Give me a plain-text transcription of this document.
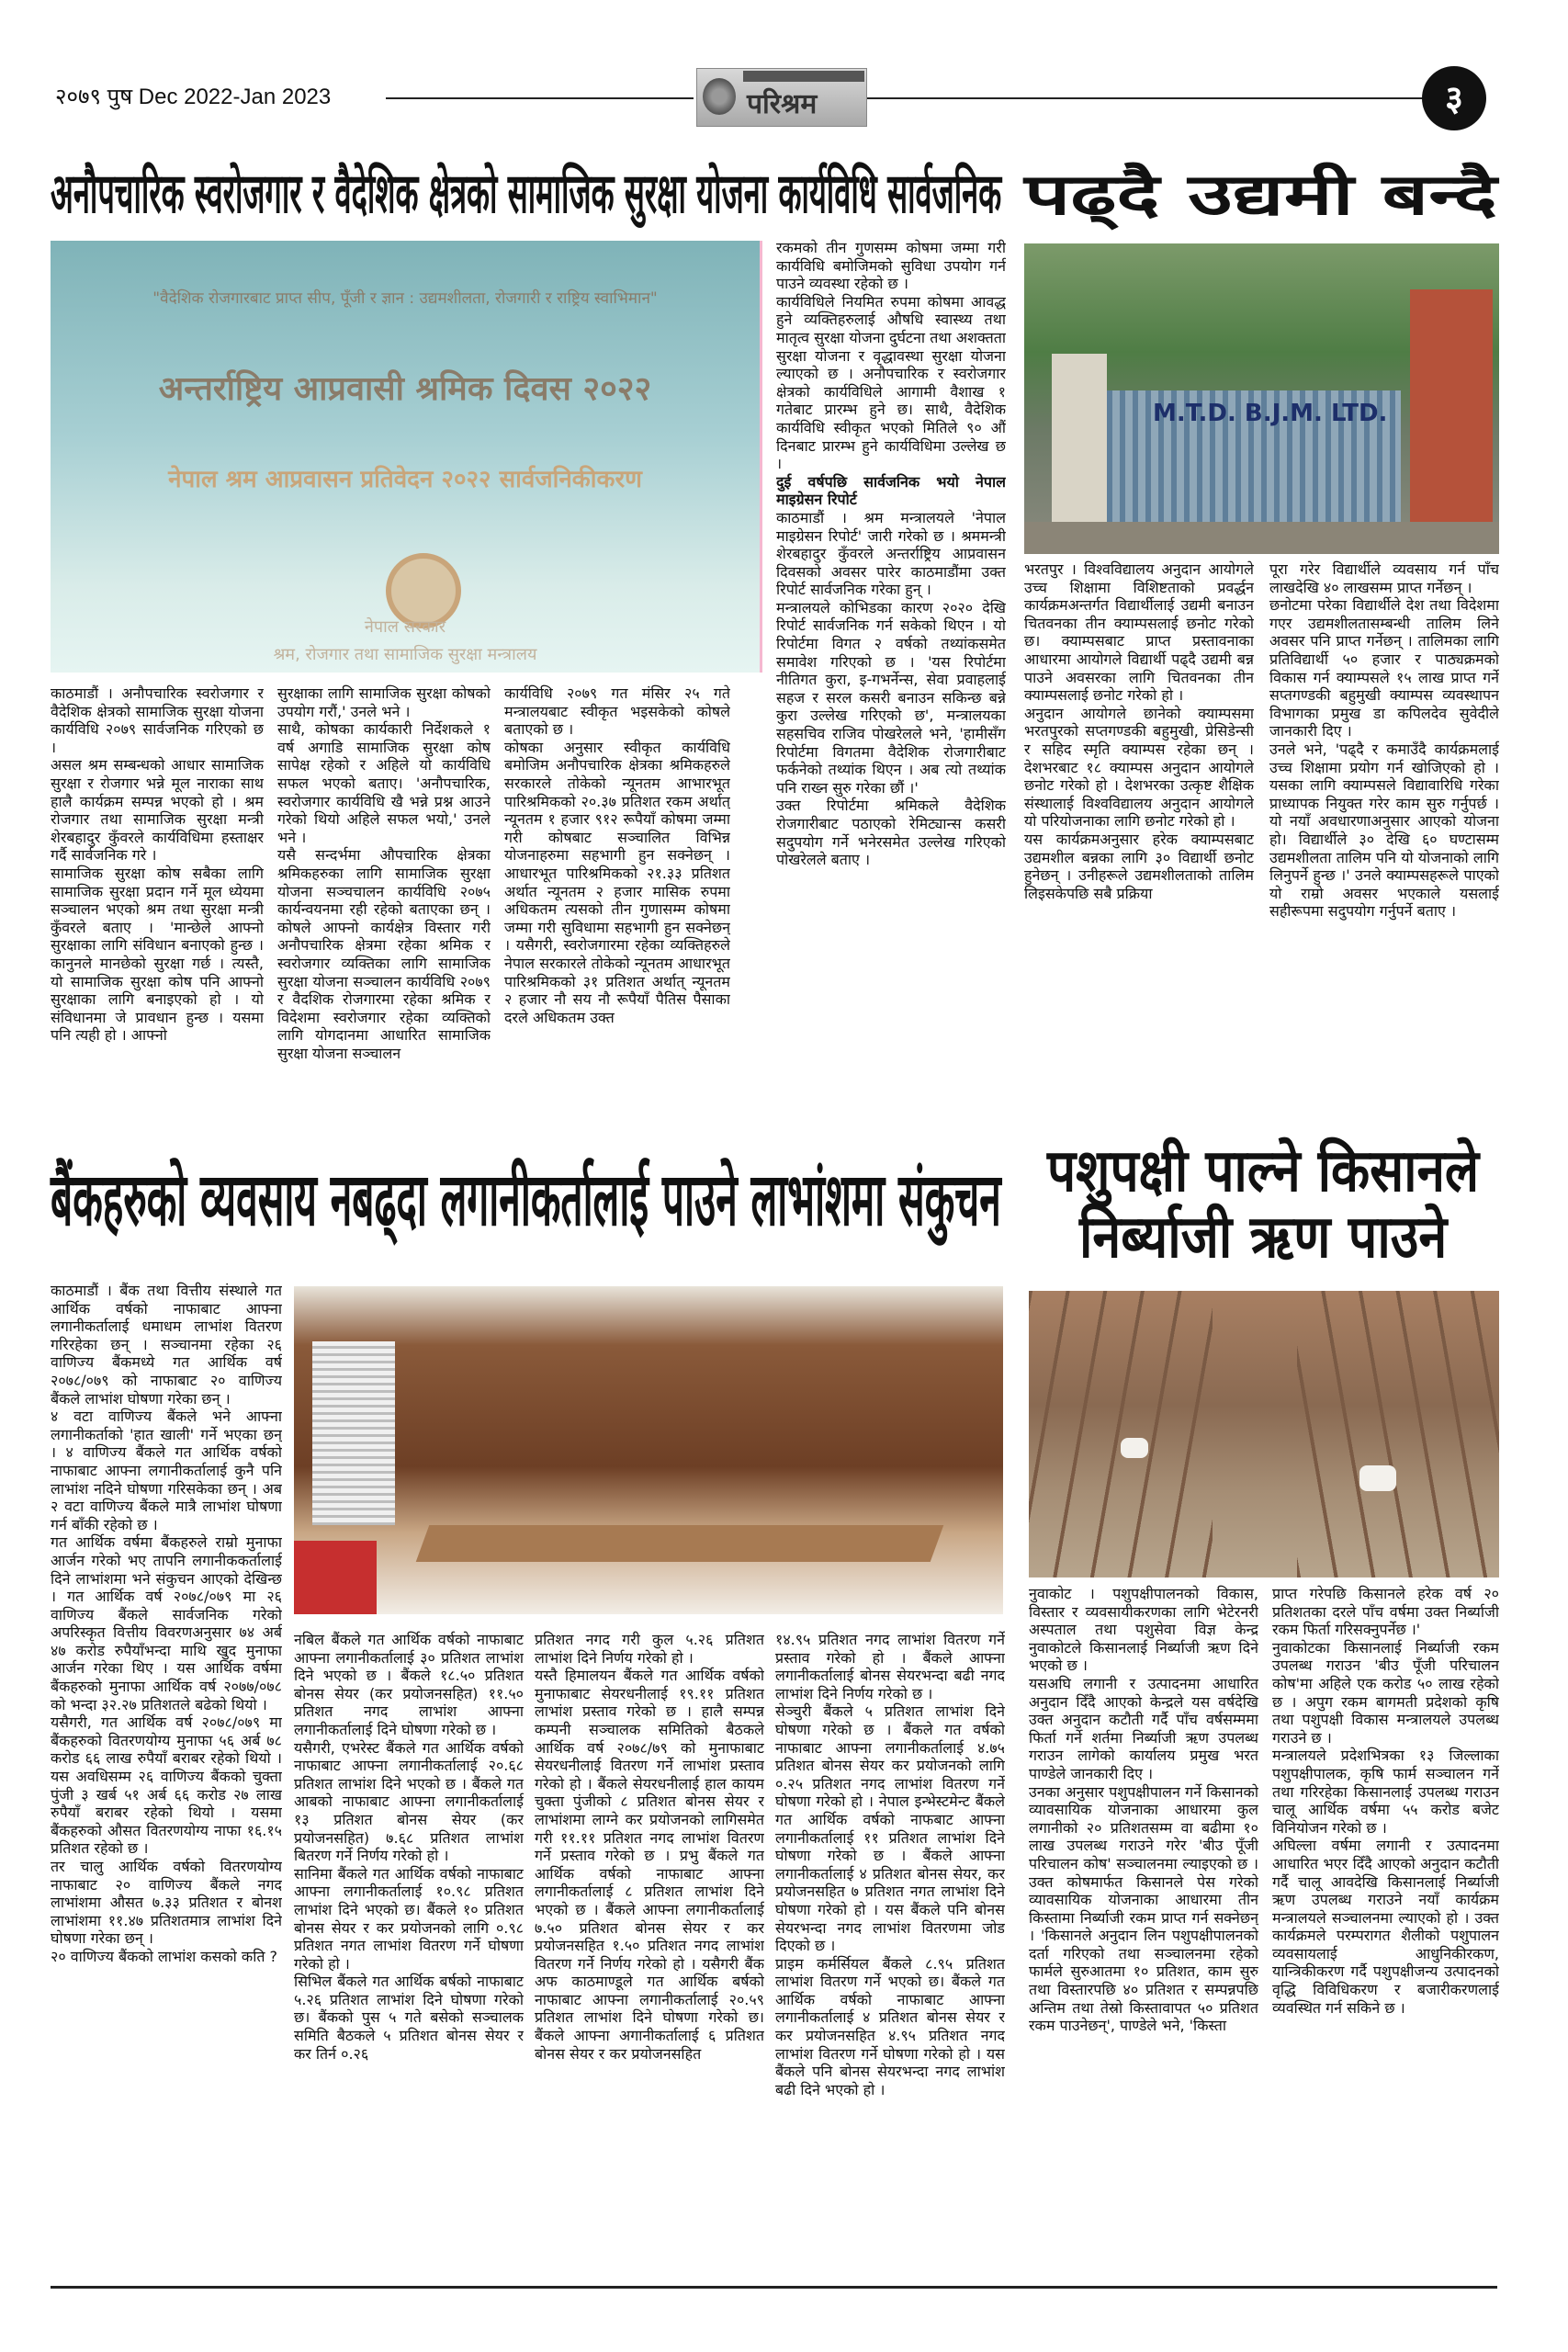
२०७९ पुष Dec 2022-Jan 2023	परिश्रम	३
अनौपचारिक स्वरोजगार र वैदेशिक क्षेत्रको सामाजिक सुरक्षा योजना कार्यविधि सार्वजनिक
"वैदेशिक रोजगारबाट प्राप्त सीप, पूँजी र ज्ञान : उद्यमशीलता, रोजगारी र राष्ट्रिय स्वाभिमान"
अन्तर्राष्ट्रिय आप्रवासी श्रमिक दिवस २०२२
नेपाल श्रम आप्रवासन प्रतिवेदन २०२२ सार्वजनिकीकरण
नेपाल सरकार
श्रम, रोजगार तथा सामाजिक सुरक्षा मन्त्रालय

काठमाडौं । अनौपचारिक स्वरोजगार र वैदेशिक क्षेत्रको सामाजिक सुरक्षा योजना कार्यविधि २०७९ सार्वजनिक गरिएको छ ।

असल श्रम सम्बन्धको आधार सामाजिक सुरक्षा र रोजगार भन्ने मूल नाराका साथ हालै कार्यक्रम सम्पन्न भएको हो । श्रम रोजगार तथा सामाजिक सुरक्षा मन्त्री शेरबहादुर कुँवरले कार्यविधिमा हस्ताक्षर गर्दै सार्वजनिक गरे ।

सामाजिक सुरक्षा कोष सबैका लागि सामाजिक सुरक्षा प्रदान गर्ने मूल ध्येयमा सञ्चालन भएको श्रम तथा सुरक्षा मन्त्री कुँवरले बताए । 'मान्छेले आफ्नो सुरक्षाका लागि संविधान बनाएको हुन्छ । कानुनले मानछेको सुरक्षा गर्छ । त्यस्तै, यो सामाजिक सुरक्षा कोष पनि आफ्नो सुरक्षाका लागि बनाइएको हो । यो संविधानमा जे प्रावधान हुन्छ । यसमा पनि त्यही हो । आफ्नो

सुरक्षाका लागि सामाजिक सुरक्षा कोषको उपयोग गरौं,' उनले भने ।

साथै, कोषका कार्यकारी निर्देशकले १ वर्ष अगाडि सामाजिक सुरक्षा कोष सापेक्ष रहेको र अहिले यो कार्यविधि सफल भएको बताए। 'अनौपचारिक, स्वरोजगार कार्यविधि खै भन्ने प्रश्न आउने गरेको थियो अहिले सफल भयो,' उनले भने ।

यसै सन्दर्भमा औपचारिक क्षेत्रका श्रमिकहरुका लागि सामाजिक सुरक्षा योजना सञ्चचालन कार्यविधि २०७५ कार्यन्वयनमा रही रहेको बताएका छन् । कोषले आफ्नो कार्यक्षेत्र विस्तार गरी अनौपचारिक क्षेत्रमा रहेका श्रमिक र स्वरोजगार व्यक्तिका लागि सामाजिक सुरक्षा योजना सञ्चालन कार्यविधि २०७९ र वैदशिक रोजगारमा रहेका श्रमिक र विदेशमा स्वरोजगार रहेका व्यक्तिको लागि योगदानमा आधारित सामाजिक सुरक्षा योजना सञ्चालन

कार्यविधि २०७९ गत मंसिर २५ गते मन्त्रालयबाट स्वीकृत भइसकेको कोषले बताएको छ ।

कोषका अनुसार स्वीकृत कार्यविधि बमोजिम अनौपचारिक क्षेत्रका श्रमिकहरुले सरकारले तोकेको न्यूनतम आभारभूत पारिश्रमिकको २०.३७ प्रतिशत रकम अर्थात् न्यूनतम १ हजार ९१२ रूपैयाँ कोषमा जम्मा गरी कोषबाट सञ्चालित विभिन्न योजनाहरुमा सहभागी हुन सक्नेछन् । आधारभूत पारिश्रमिकको २१.३३ प्रतिशत अर्थात न्यूनतम २ हजार मासिक रुपमा अधिकतम त्यसको तीन गुणासम्म कोषमा जम्मा गरी सुविधामा सहभागी हुन सक्नेछन् । यसैगरी, स्वरोजगारमा रहेका व्यक्तिहरुले नेपाल सरकारले तोकेको न्यूनतम आधारभूत पारिश्रमिकको ३१ प्रतिशत अर्थात् न्यूनतम २ हजार नौ सय नौ रूपैयाँ पैतिस पैसाका दरले अधिकतम उक्त

रकमको तीन गुणसम्म कोषमा जम्मा गरी कार्यविधि बमोजिमको सुविधा उपयोग गर्न पाउने व्यवस्था रहेको छ ।

कार्यविधिले नियमित रुपमा कोषमा आवद्ध हुने व्यक्तिहरुलाई औषधि स्वास्थ्य तथा मातृत्व सुरक्षा योजना दुर्घटना तथा अशक्तता सुरक्षा योजना र वृद्धावस्था सुरक्षा योजना ल्याएको छ । अनौपचारिक र स्वरोजगार क्षेत्रको कार्यविधिले आगामी वैशाख १ गतेबाट प्रारम्भ हुने छ। साथै, वैदेशिक कार्यविधि स्वीकृत भएको मितिले ९० औं दिनबाट प्रारम्भ हुने कार्यविधिमा उल्लेख छ ।

दुई वर्षपछि सार्वजनिक भयो नेपाल माइग्रेसन रिपोर्ट

काठमाडौं । श्रम मन्त्रालयले 'नेपाल माइग्रेसन रिपोर्ट' जारी गरेको छ । श्रममन्त्री शेरबहादुर कुँवरले अन्तर्राष्ट्रिय आप्रवासन दिवसको अवसर पारेर काठमाडौंमा उक्त रिपोर्ट सार्वजनिक गरेका हुन् ।

मन्त्रालयले कोभिडका कारण २०२० देखि रिपोर्ट सार्वजनिक गर्न सकेको थिएन । यो रिपोर्टमा विगत २ वर्षको तथ्यांकसमेत समावेश गरिएको छ । 'यस रिपोर्टमा नीतिगत कुरा, इ-गभर्नेन्स, सेवा प्रवाहलाई सहज र सरल कसरी बनाउन सकिन्छ बन्ने कुरा उल्लेख गरिएको छ', मन्त्रालयका सहसचिव राजिव पोखरेलले भने, 'हामीसँग रिपोर्टमा विगतमा वैदेशिक रोजगारीबाट फर्कनेको तथ्यांक थिएन । अब त्यो तथ्यांक पनि राख्न सुरु गरेका छौं ।'

उक्त रिपोर्टमा श्रमिकले वैदेशिक रोजगारीबाट पठाएको रेमिट्यान्स कसरी सदुपयोग गर्ने भनेरसमेत उल्लेख गरिएको पोखरेलले बताए ।

पढ्दै उद्यमी बन्दै
M.T.D. B.J.M. LTD.

भरतपुर । विश्वविद्यालय अनुदान आयोगले उच्च शिक्षामा विशिष्टताको प्रवर्द्धन कार्यक्रमअन्तर्गत विद्यार्थीलाई उद्यमी बनाउन चितवनका तीन क्याम्पसलाई छनोट गरेको छ। क्याम्पसबाट प्राप्त प्रस्तावनाका आधारमा आयोगले विद्यार्थी पढ्दै उद्यमी बन्न पाउने अवसरका लागि चितवनका तीन क्याम्पसलाई छनोट गरेको हो ।

अनुदान आयोगले छानेको क्याम्पसमा भरतपुरको सप्तगण्डकी बहुमुखी, प्रेसिडेन्सी र सहिद स्मृति क्याम्पस रहेका छन् । देशभरबाट १८ क्याम्पस अनुदान आयोगले छनोट गरेको हो । देशभरका उत्कृष्ट शैक्षिक संस्थालाई विश्वविद्यालय अनुदान आयोगले यो परियोजनाका लागि छनोट गरेको हो ।

यस कार्यक्रमअनुसार हरेक क्याम्पसबाट उद्यमशील बन्नका लागि ३० विद्यार्थी छनोट हुनेछन् । उनीहरूले उद्यमशीलताको तालिम लिइसकेपछि सबै प्रक्रिया

पूरा गरेर विद्यार्थीले व्यवसाय गर्न पाँच लाखदेखि ४० लाखसम्म प्राप्त गर्नेछन् ।

छनोटमा परेका विद्यार्थीले देश तथा विदेशमा गएर उद्यमशीलतासम्बन्धी तालिम लिने अवसर पनि प्राप्त गर्नेछन् । तालिमका लागि प्रतिविद्यार्थी ५० हजार र पाठ्यक्रमको विकास गर्न क्याम्पसले १५ लाख प्राप्त गर्ने सप्तगण्डकी बहुमुखी क्याम्पस व्यवस्थापन विभागका प्रमुख डा कपिलदेव सुवेदीले जानकारी दिए ।

उनले भने, 'पढ्दै र कमाउँदै कार्यक्रमलाई उच्च शिक्षामा प्रयोग गर्न खोजिएको हो । यसका लागि क्याम्पसले विद्यावारिधि गरेका प्राध्यापक नियुक्त गरेर काम सुरु गर्नुपर्छ । यो नयाँ अवधारणाअनुसार आएको योजना हो। विद्यार्थीले ३० देखि ६० घण्टासम्म उद्यमशीलता तालिम पनि यो योजनाको लागि लिनुपर्ने हुन्छ ।' उनले क्याम्पसहरूले पाएको यो राम्रो अवसर भएकाले यसलाई सहीरूपमा सदुपयोग गर्नुपर्ने बताए ।

बैंकहरुको व्यवसाय नबढ्दा लगानीकर्तालाई पाउने लाभांशमा संकुचन

काठमाडौं । बैंक तथा वित्तीय संस्थाले गत आर्थिक वर्षको नाफाबाट आफ्ना लगानीकर्तालाई धमाधम लाभांश वितरण गरिरहेका छन् । सञ्चानमा रहेका २६ वाणिज्य बैंकमध्ये गत आर्थिक वर्ष २०७८/०७९ को नाफाबाट २० वाणिज्य बैंकले लाभांश घोषणा गरेका छन् ।

४ वटा वाणिज्य बैंकले भने आफ्ना लगानीकर्ताको 'हात खाली' गर्ने भएका छन् । ४ वाणिज्य बैंकले गत आर्थिक वर्षको नाफाबाट आफ्ना लगानीकर्तालाई कुनै पनि लाभांश नदिने घोषणा गरिसकेका छन् । अब २ वटा वाणिज्य बैंकले मात्रै लाभांश घोषणा गर्न बाँकी रहेको छ ।

गत आर्थिक वर्षमा बैंकहरुले राम्रो मुनाफा आर्जन गरेको भए तापनि लगानीककर्तालाई दिने लाभांशमा भने संकुचन आएको देखिन्छ । गत आर्थिक वर्ष २०७८/०७९ मा २६ वाणिज्य बैंकले सार्वजनिक गरेको अपरिस्कृत वित्तीय विवरणअनुसार ७४ अर्ब ४७ करोड रुपैयाँभन्दा माथि खुद मुनाफा आर्जन गरेका थिए । यस आर्थिक वर्षमा बैंकहरुको मुनाफा आर्थिक वर्ष २०७७/०७८ को भन्दा ३२.२७ प्रतिशतले बढेको थियो ।

यसैगरी, गत आर्थिक वर्ष २०७८/०७९ मा बैंकहरुको वितरणयोग्य मुनाफा ५६ अर्ब ७८ करोड ६६ लाख रुपैयाँ बराबर रहेको थियो । यस अवधिसम्म २६ वाणिज्य बैंकको चुक्ता पुंजी ३ खर्ब ५१ अर्ब ६६ करोड २७ लाख रुपैयाँ बराबर रहेको थियो । यसमा बैंकहरुको औसत वितरणयोग्य नाफा १६.१५ प्रतिशत रहेको छ ।

तर चालु आर्थिक वर्षको वितरणयोग्य नाफाबाट २० वाणिज्य बैंकले नगद लाभांशमा औसत ७.३३ प्रतिशत र बोनश लाभांशमा ११.४७ प्रतिशतमात्र लाभांश दिने घोषणा गरेका छन् ।

२० वाणिज्य बैंकको लाभांश कसको कति ?

नबिल बैंकले गत आर्थिक वर्षको नाफाबाट आफ्ना लगानीकर्तालाई ३० प्रतिशत लाभांश दिने भएको छ । बैंकले १८.५० प्रतिशत बोनस सेयर (कर प्रयोजनसहित) ११.५० प्रतिशत नगद लाभांश आफ्ना लगानीकर्तालाई दिने घोषणा गरेको छ ।

यसैगरी, एभरेस्ट बैंकले गत आर्थिक वर्षको नाफाबाट आफ्ना लगानीकर्तालाई २०.६८ प्रतिशत लाभांश दिने भएको छ । बैंकले गत आबको नाफाबाट आफ्ना लगानीकर्तालाई १३ प्रतिशत बोनस सेयर (कर प्रयोजनसहित) ७.६८ प्रतिशत लाभांश बितरण गर्ने निर्णय गरेको हो ।

सानिमा बैंकले गत आर्थिक वर्षको नाफाबाट आफ्ना लगानीकर्तालाई १०.९८ प्रतिशत लाभांश दिने भएको छ। बैंकले १० प्रतिशत बोनस सेयर र कर प्रयोजनको लागि ०.९८ प्रतिशत नगत लाभांश वितरण गर्ने घोषणा गरेको हो ।

सिभिल बैंकले गत आर्थिक बर्षको नाफाबाट ५.२६ प्रतिशत लाभांश दिने घोषणा गरेको छ। बैंकको पुस ५ गते बसेको सञ्चालक समिति बैठकले ५ प्रतिशत बोनस सेयर र कर तिर्न ०.२६

प्रतिशत नगद गरी कुल ५.२६ प्रतिशत लाभांश दिने निर्णय गरेको हो ।

यस्तै हिमालयन बैंकले गत आर्थिक वर्षको मुनाफाबाट सेयरधनीलाई १९.११ प्रतिशत लाभांश प्रस्ताव गरेको छ । हालै सम्पन्न कम्पनी सञ्चालक समितिको बैठकले आर्थिक वर्ष २०७८/७९ को मुनाफाबाट सेयरधनीलाई वितरण गर्ने लाभांश प्रस्ताव गरेको हो । बैंकले सेयरधनीलाई हाल कायम चुक्ता पुंजीको ८ प्रतिशत बोनस सेयर र लाभांशमा लाग्ने कर प्रयोजनको लागिसमेत गरी ११.११ प्रतिशत नगद लाभांश वितरण गर्ने प्रस्ताव गरेको छ । प्रभु बैंकले गत आर्थिक वर्षको नाफाबाट आफ्ना लगानीकर्तालाई ८ प्रतिशत लाभांश दिने भएको छ । बैंकले आफ्ना लगानीकर्तालाई ७.५० प्रतिशत बोनस सेयर र कर प्रयोजनसहित १.५० प्रतिशत नगद लाभांश वितरण गर्ने निर्णय गरेको हो । यसैगरी बैंक अफ काठमाण्डूले गत आर्थिक बर्षको नाफाबाट आफ्ना लगानीकर्तालाई २०.५९ प्रतिशत लाभांश दिने घोषणा गरेको छ। बैंकले आफ्ना अगानीकर्तालाई ६ प्रतिशत बोनस सेयर र कर प्रयोजनसहित

१४.९५ प्रतिशत नगद लाभांश वितरण गर्ने प्रस्ताव गरेको हो । बैंकले आफ्ना लगानीकर्तालाई बोनस सेयरभन्दा बढी नगद लाभांश दिने निर्णय गरेको छ ।

सेञ्चुरी बैंकले ५ प्रतिशत लाभांश दिने घोषणा गरेको छ । बैंकले गत वर्षको नाफाबाट आफ्ना लगानीकर्तालाई ४.७५ प्रतिशत बोनस सेयर कर प्रयोजनको लागि ०.२५ प्रतिशत नगद लाभांश वितरण गर्ने घोषणा गरेको हो । नेपाल इन्भेस्टमेन्ट बैंकले गत आर्थिक वर्षको नाफबाट आफ्ना लगानीकर्तालाई ११ प्रतिशत लाभांश दिने घोषणा गरेको छ । बैंकले आफ्ना लगानीकर्तालाई ४ प्रतिशत बोनस सेयर, कर प्रयोजनसहित ७ प्रतिशत नगत लाभांश दिने घोषणा गरेको हो । यस बैंकले पनि बोनस सेयरभन्दा नगद लाभांश वितरणमा जोड दिएको छ ।

प्राइम कर्मर्सियल बैंकले ८.९५ प्रतिशत लाभांश वितरण गर्ने भएको छ। बैंकले गत आर्थिक वर्षको नाफाबाट आफ्ना लगानीकर्तालाई ४ प्रतिशत बोनस सेयर र कर प्रयोजनसहित ४.९५ प्रतिशत नगद लाभांश वितरण गर्ने घोषणा गरेको हो । यस बैंकले पनि बोनस सेयरभन्दा नगद लाभांश बढी दिने भएको हो ।

पशुपक्षी पाल्ने किसानले
निर्ब्याजी ऋण पाउने

नुवाकोट । पशुपक्षीपालनको विकास, विस्तार र व्यवसायीकरणका लागि भेटेरनरी अस्पताल तथा पशुसेवा विज्ञ केन्द्र नुवाकोटले किसानलाई निर्ब्याजी ऋण दिने भएको छ ।

यसअघि लगानी र उत्पादनमा आधारित अनुदान दिँदै आएको केन्द्रले यस वर्षदेखि उक्त अनुदान कटौती गर्दै पाँच वर्षसम्ममा फिर्ता गर्ने शर्तमा निर्ब्याजी ऋण उपलब्ध गराउन लागेको कार्यालय प्रमुख भरत पाण्डेले जानकारी दिए ।

उनका अनुसार पशुपक्षीपालन गर्ने किसानको व्यावसायिक योजनाका आधारमा कुल लगानीको २० प्रतिशतसम्म वा बढीमा १० लाख उपलब्ध गराउने गरेर 'बीउ पूँजी परिचालन कोष' सञ्चालनमा ल्याइएको छ । उक्त कोषमार्फत किसानले पेस गरेको व्यावसायिक योजनाका आधारमा तीन किस्तामा निर्ब्याजी रकम प्राप्त गर्न सक्नेछन् । 'किसानले अनुदान लिन पशुपक्षीपालनको दर्ता गरिएको तथा सञ्चालनमा रहेको फार्मले सुरुआतमा १० प्रतिशत, काम सुरु तथा विस्तारपछि ४० प्रतिशत र सम्पन्नपछि अन्तिम तथा तेस्रो किस्तावापत ५० प्रतिशत रकम पाउनेछन्', पाण्डेले भने, 'किस्ता

प्राप्त गरेपछि किसानले हरेक वर्ष २० प्रतिशतका दरले पाँच वर्षमा उक्त निर्ब्याजी रकम फिर्ता गरिसक्नुपर्नेछ ।'

नुवाकोटका किसानलाई निर्ब्याजी रकम उपलब्ध गराउन 'बीउ पूँजी परिचालन कोष'मा अहिले एक करोड ५० लाख रहेको छ । अपुग रकम बागमती प्रदेशको कृषि तथा पशुपक्षी विकास मन्त्रालयले उपलब्ध गराउने छ ।

मन्त्रालयले प्रदेशभित्रका १३ जिल्लाका पशुपक्षीपालक, कृषि फार्म सञ्चालन गर्ने तथा गरिरहेका किसानलाई उपलब्ध गराउन चालू आर्थिक वर्षमा ५५ करोड बजेट विनियोजन गरेको छ ।

अघिल्ला वर्षमा लगानी र उत्पादनमा आधारित भएर दिँदै आएको अनुदान कटौती गर्दै चालू आवदेखि किसानलाई निर्ब्याजी ऋण उपलब्ध गराउने नयाँ कार्यक्रम मन्त्रालयले सञ्चालनमा ल्याएको हो । उक्त कार्यक्रमले परम्परागत शैलीको पशुपालन व्यवसायलाई आधुनिकीरकण, यान्त्रिकीकरण गर्दै पशुपक्षीजन्य उत्पादनको वृद्धि विविधिकरण र बजारीकरणलाई व्यवस्थित गर्न सकिने छ ।
